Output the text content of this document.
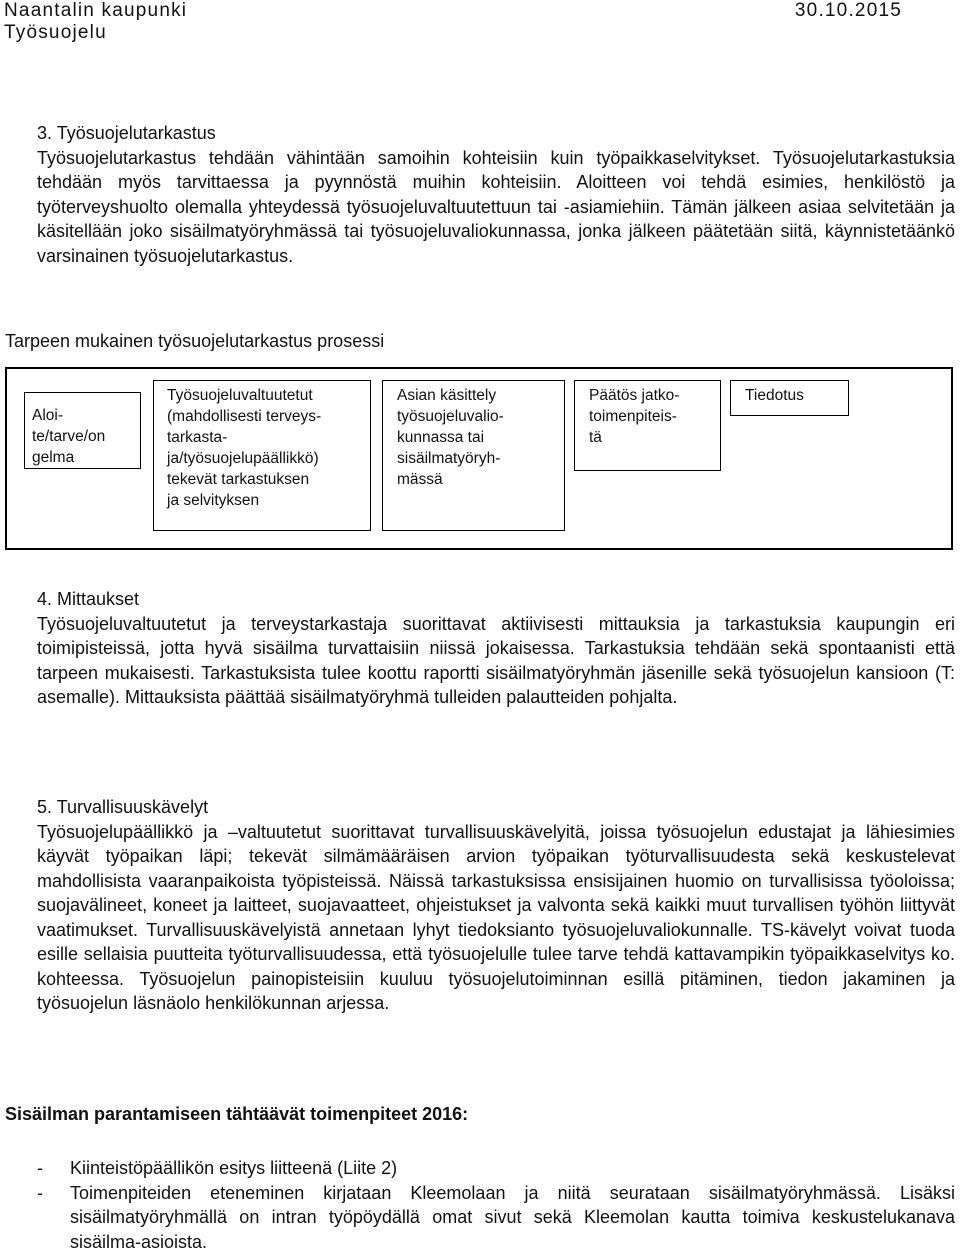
Naantalin kaupunki	30.10.2015
Työsuojelu

3. Työsuojelutarkastus

Työsuojelutarkastus tehdään vähintään samoihin kohteisiin kuin työpaikkaselvitykset. Työsuojelutarkastuksia tehdään myös tarvittaessa ja pyynnöstä muihin kohteisiin. Aloitteen voi tehdä esimies, henkilöstö ja työterveyshuolto olemalla yhteydessä työsuojeluvaltuutettuun tai -asiamiehiin. Tämän jälkeen asiaa selvitetään ja käsitellään joko sisäilmatyöryhmässä tai työsuojeluvaliokunnassa, jonka jälkeen päätetään siitä, käynnistetäänkö varsinainen työsuojelutarkastus.

Tarpeen mukainen työsuojelutarkastus prosessi
Aloi-
te/tarve/on
gelma
Työsuojeluvaltuutetut
(mahdollisesti terveys-
tarkasta-
ja/työsuojelupäällikkö)
tekevät tarkastuksen
ja selvityksen
Asian käsittely
työsuojeluvalio-
kunnassa tai
sisäilmatyöryh-
mässä
Päätös jatko-
toimenpiteis-
tä
Tiedotus

4. Mittaukset

Työsuojeluvaltuutetut ja terveystarkastaja suorittavat aktiivisesti mittauksia ja tarkastuksia kaupungin eri toimipisteissä, jotta hyvä sisäilma turvattaisiin niissä jokaisessa. Tarkastuksia tehdään sekä spontaanisti että tarpeen mukaisesti. Tarkastuksista tulee koottu raportti sisäilmatyöryhmän jäsenille sekä työsuojelun kansioon (T: asemalle). Mittauksista päättää sisäilmatyöryhmä tulleiden palautteiden pohjalta.

5. Turvallisuuskävelyt

Työsuojelupäällikkö ja –valtuutetut suorittavat turvallisuuskävelyitä, joissa työsuojelun edustajat ja lähiesimies käyvät työpaikan läpi; tekevät silmämääräisen arvion työpaikan työturvallisuudesta sekä keskustelevat mahdollisista vaaranpaikoista työpisteissä. Näissä tarkastuksissa ensisijainen huomio on turvallisissa työoloissa; suojavälineet, koneet ja laitteet, suojavaatteet, ohjeistukset ja valvonta sekä kaikki muut turvallisen työhön liittyvät vaatimukset. Turvallisuuskävelyistä annetaan lyhyt tiedoksianto työsuojeluvaliokunnalle. TS-kävelyt voivat tuoda esille sellaisia puutteita työturvallisuudessa, että työsuojelulle tulee tarve tehdä kattavampikin työpaikkaselvitys ko. kohteessa. Työsuojelun painopisteisiin kuuluu työsuojelutoiminnan esillä pitäminen, tiedon jakaminen ja työsuojelun läsnäolo henkilökunnan arjessa.

Sisäilman parantamiseen tähtäävät toimenpiteet 2016:
- Kiinteistöpäällikön esitys liitteenä (Liite 2)
- Toimenpiteiden eteneminen kirjataan Kleemolaan ja niitä seurataan sisäilmatyöryhmässä. Lisäksi sisäilmatyöryhmällä on intran työpöydällä omat sivut sekä Kleemolan kautta toimiva keskustelukanava sisäilma-asioista.
